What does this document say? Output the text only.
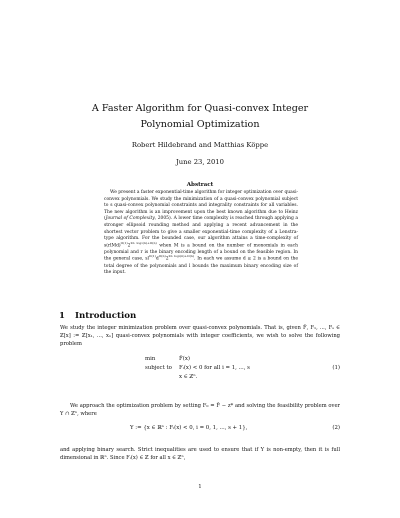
A Faster Algorithm for Quasi-convex Integer
Polynomial Optimization
Robert Hildebrand and Matthias Köppe
June 23, 2010
Abstract
We present a faster exponential-time algorithm for integer optimization over quasi-convex polynomials. We study the minimization of a quasi-convex polynomial subject to s quasi-convex polynomial constraints and integrality constraints for all variables. The new algorithm is an improvement upon the best known algorithm due to Heinz (Journal of Complexity, 2005). A lower time complexity is reached through applying a stronger ellipsoid rounding method and applying a recent advancement in the shortest vector problem to give a smaller exponential-time complexity of a Lenstra-type algorithm. For the bounded case, our algorithm attains a time-complexity of $s(rlMd)^{O(1)}2^{2n log_2(n)+O(n)}$ when M is a bound on the number of monomials in each polynomial and r is the binary encoding length of a bound on the feasible region. In the general case, $sl^{O(1)}d^{O(n)}2^{2n log_2(n)+O(n)}$. In each we assume d ≥ 2 is a bound on the total degree of the polynomials and l bounds the maximum binary encoding size of the input.
1 Introduction
We study the integer minimization problem over quasi-convex polynomials. That is, given F̂, F₁, ..., Fₛ ∈ ℤ[x] := ℤ[x₁, ..., xₙ] quasi-convex polynomials with integer coefficients, we wish to solve the following problem
min	F̂(x)
subject to Fᵢ(x) < 0 for all i = 1, ..., s
x ∈ ℤⁿ.
(1)
We approach the optimization problem by setting F₀ = F̂ − z* and solving the feasibility problem over Y ∩ ℤⁿ, where
Y := {x ∈ ℝⁿ : Fᵢ(x) < 0, i = 0, 1, ..., s + 1},	(2)
and applying binary search. Strict inequalities are used to ensure that if Y is non-empty, then it is full dimensional in ℝⁿ. Since Fᵢ(x) ∈ ℤ for all x ∈ ℤⁿ,
1
